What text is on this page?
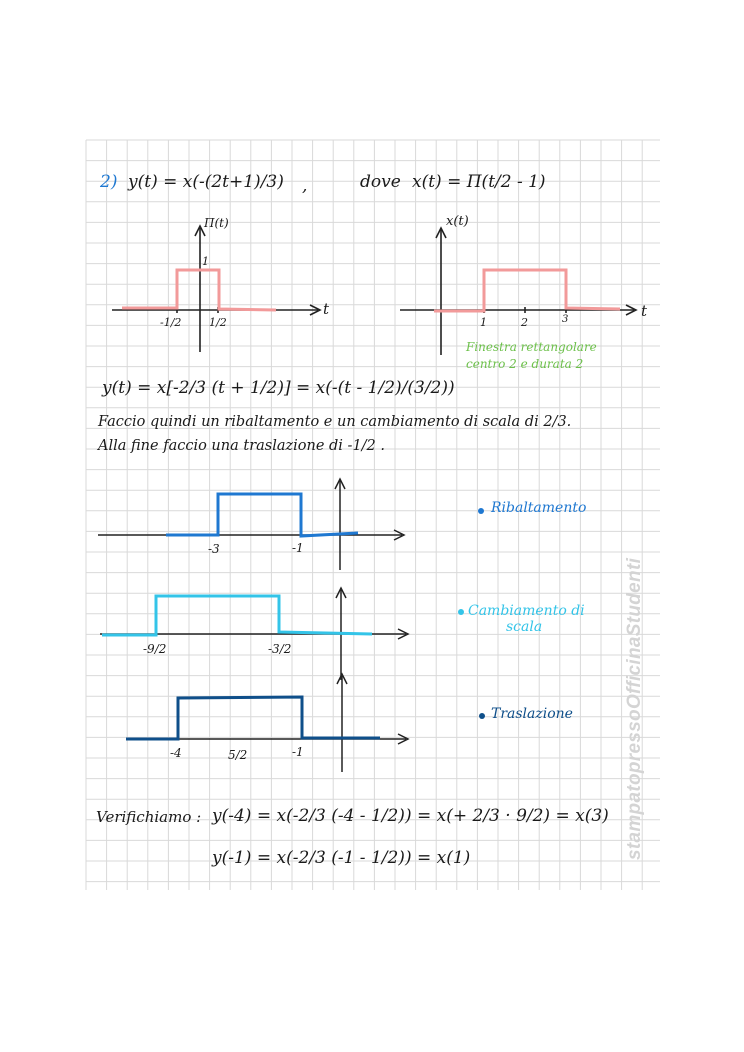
2) y(t) = x(-(2t+1)/3) ,	dove x(t) = Π(t/2 - 1)
Π(t)
t
1
-1/2	1/2
x(t)
t
1	2	3
Finestra rettangolare
centro 2 e durata 2
y(t) = x[-2/3 (t + 1/2)] = x(-(t - 1/2)/(3/2))
Faccio quindi un ribaltamento e un cambiamento di scala di 2/3.
Alla fine faccio una traslazione di -1/2 .
-3	-1
Ribaltamento
-9/2	-3/2
Cambiamento di
scala
-4	5/2	-1
Traslazione
Verifichiamo : y(-4) = x(-2/3 (-4 - 1/2)) = x(+ 2/3 · 9/2) = x(3)
y(-1) = x(-2/3 (-1 - 1/2)) = x(1)	stampatopressoOfficinaStudenti
